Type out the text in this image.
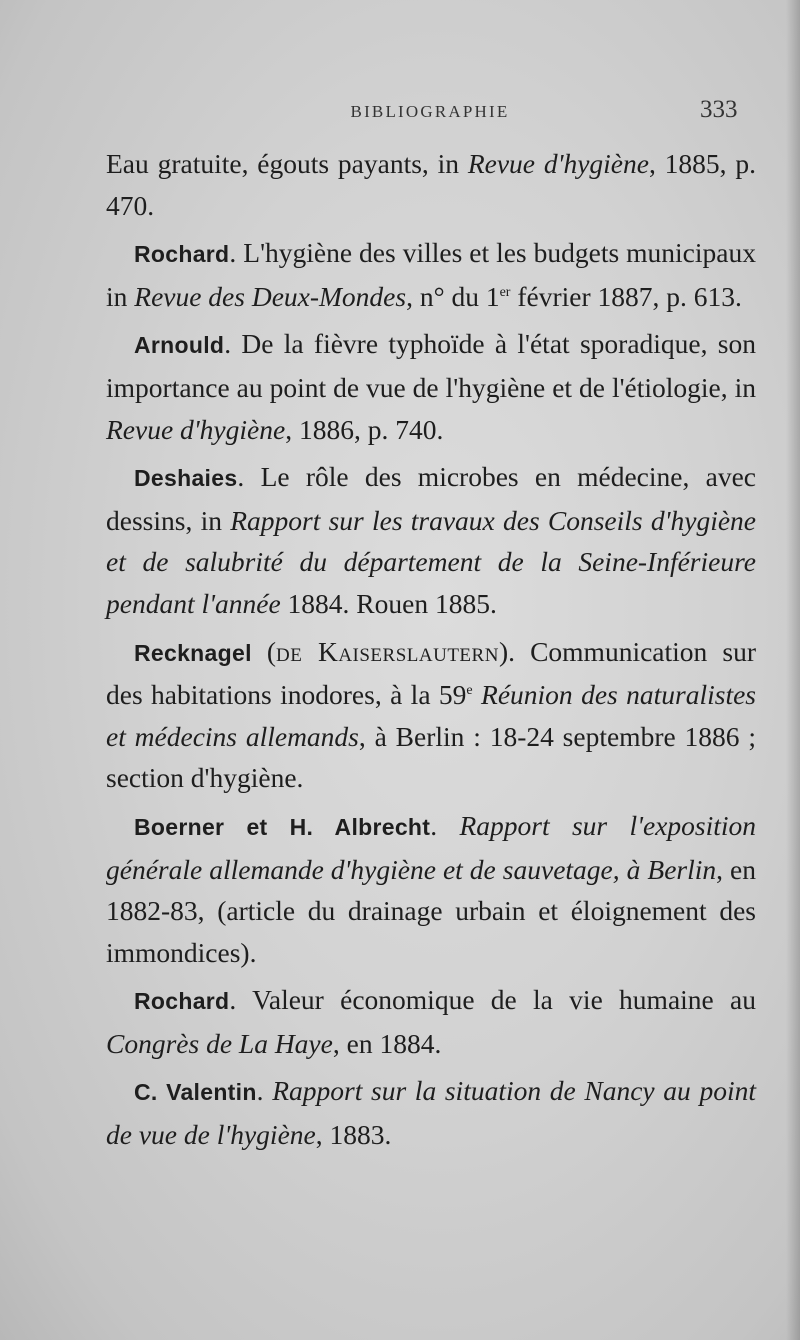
BIBLIOGRAPHIE	333

Eau gratuite, égouts payants, in Revue d'hygiène, 1885, p. 470.

Rochard. L'hygiène des villes et les budgets municipaux in Revue des Deux-Mondes, n° du 1er février 1887, p. 613.

Arnould. De la fièvre typhoïde à l'état sporadique, son importance au point de vue de l'hygiène et de l'étiologie, in Revue d'hygiène, 1886, p. 740.

Deshaies. Le rôle des microbes en médecine, avec dessins, in Rapport sur les travaux des Conseils d'hygiène et de salubrité du département de la Seine-Inférieure pendant l'année 1884. Rouen 1885.

Recknagel (de Kaiserslautern). Communication sur des habitations inodores, à la 59e Réunion des naturalistes et médecins allemands, à Berlin : 18-24 septembre 1886 ; section d'hygiène.

Boerner et H. Albrecht. Rapport sur l'exposition générale allemande d'hygiène et de sauvetage, à Berlin, en 1882-83, (article du drainage urbain et éloignement des immondices).

Rochard. Valeur économique de la vie humaine au Congrès de La Haye, en 1884.

C. Valentin. Rapport sur la situation de Nancy au point de vue de l'hygiène, 1883.
